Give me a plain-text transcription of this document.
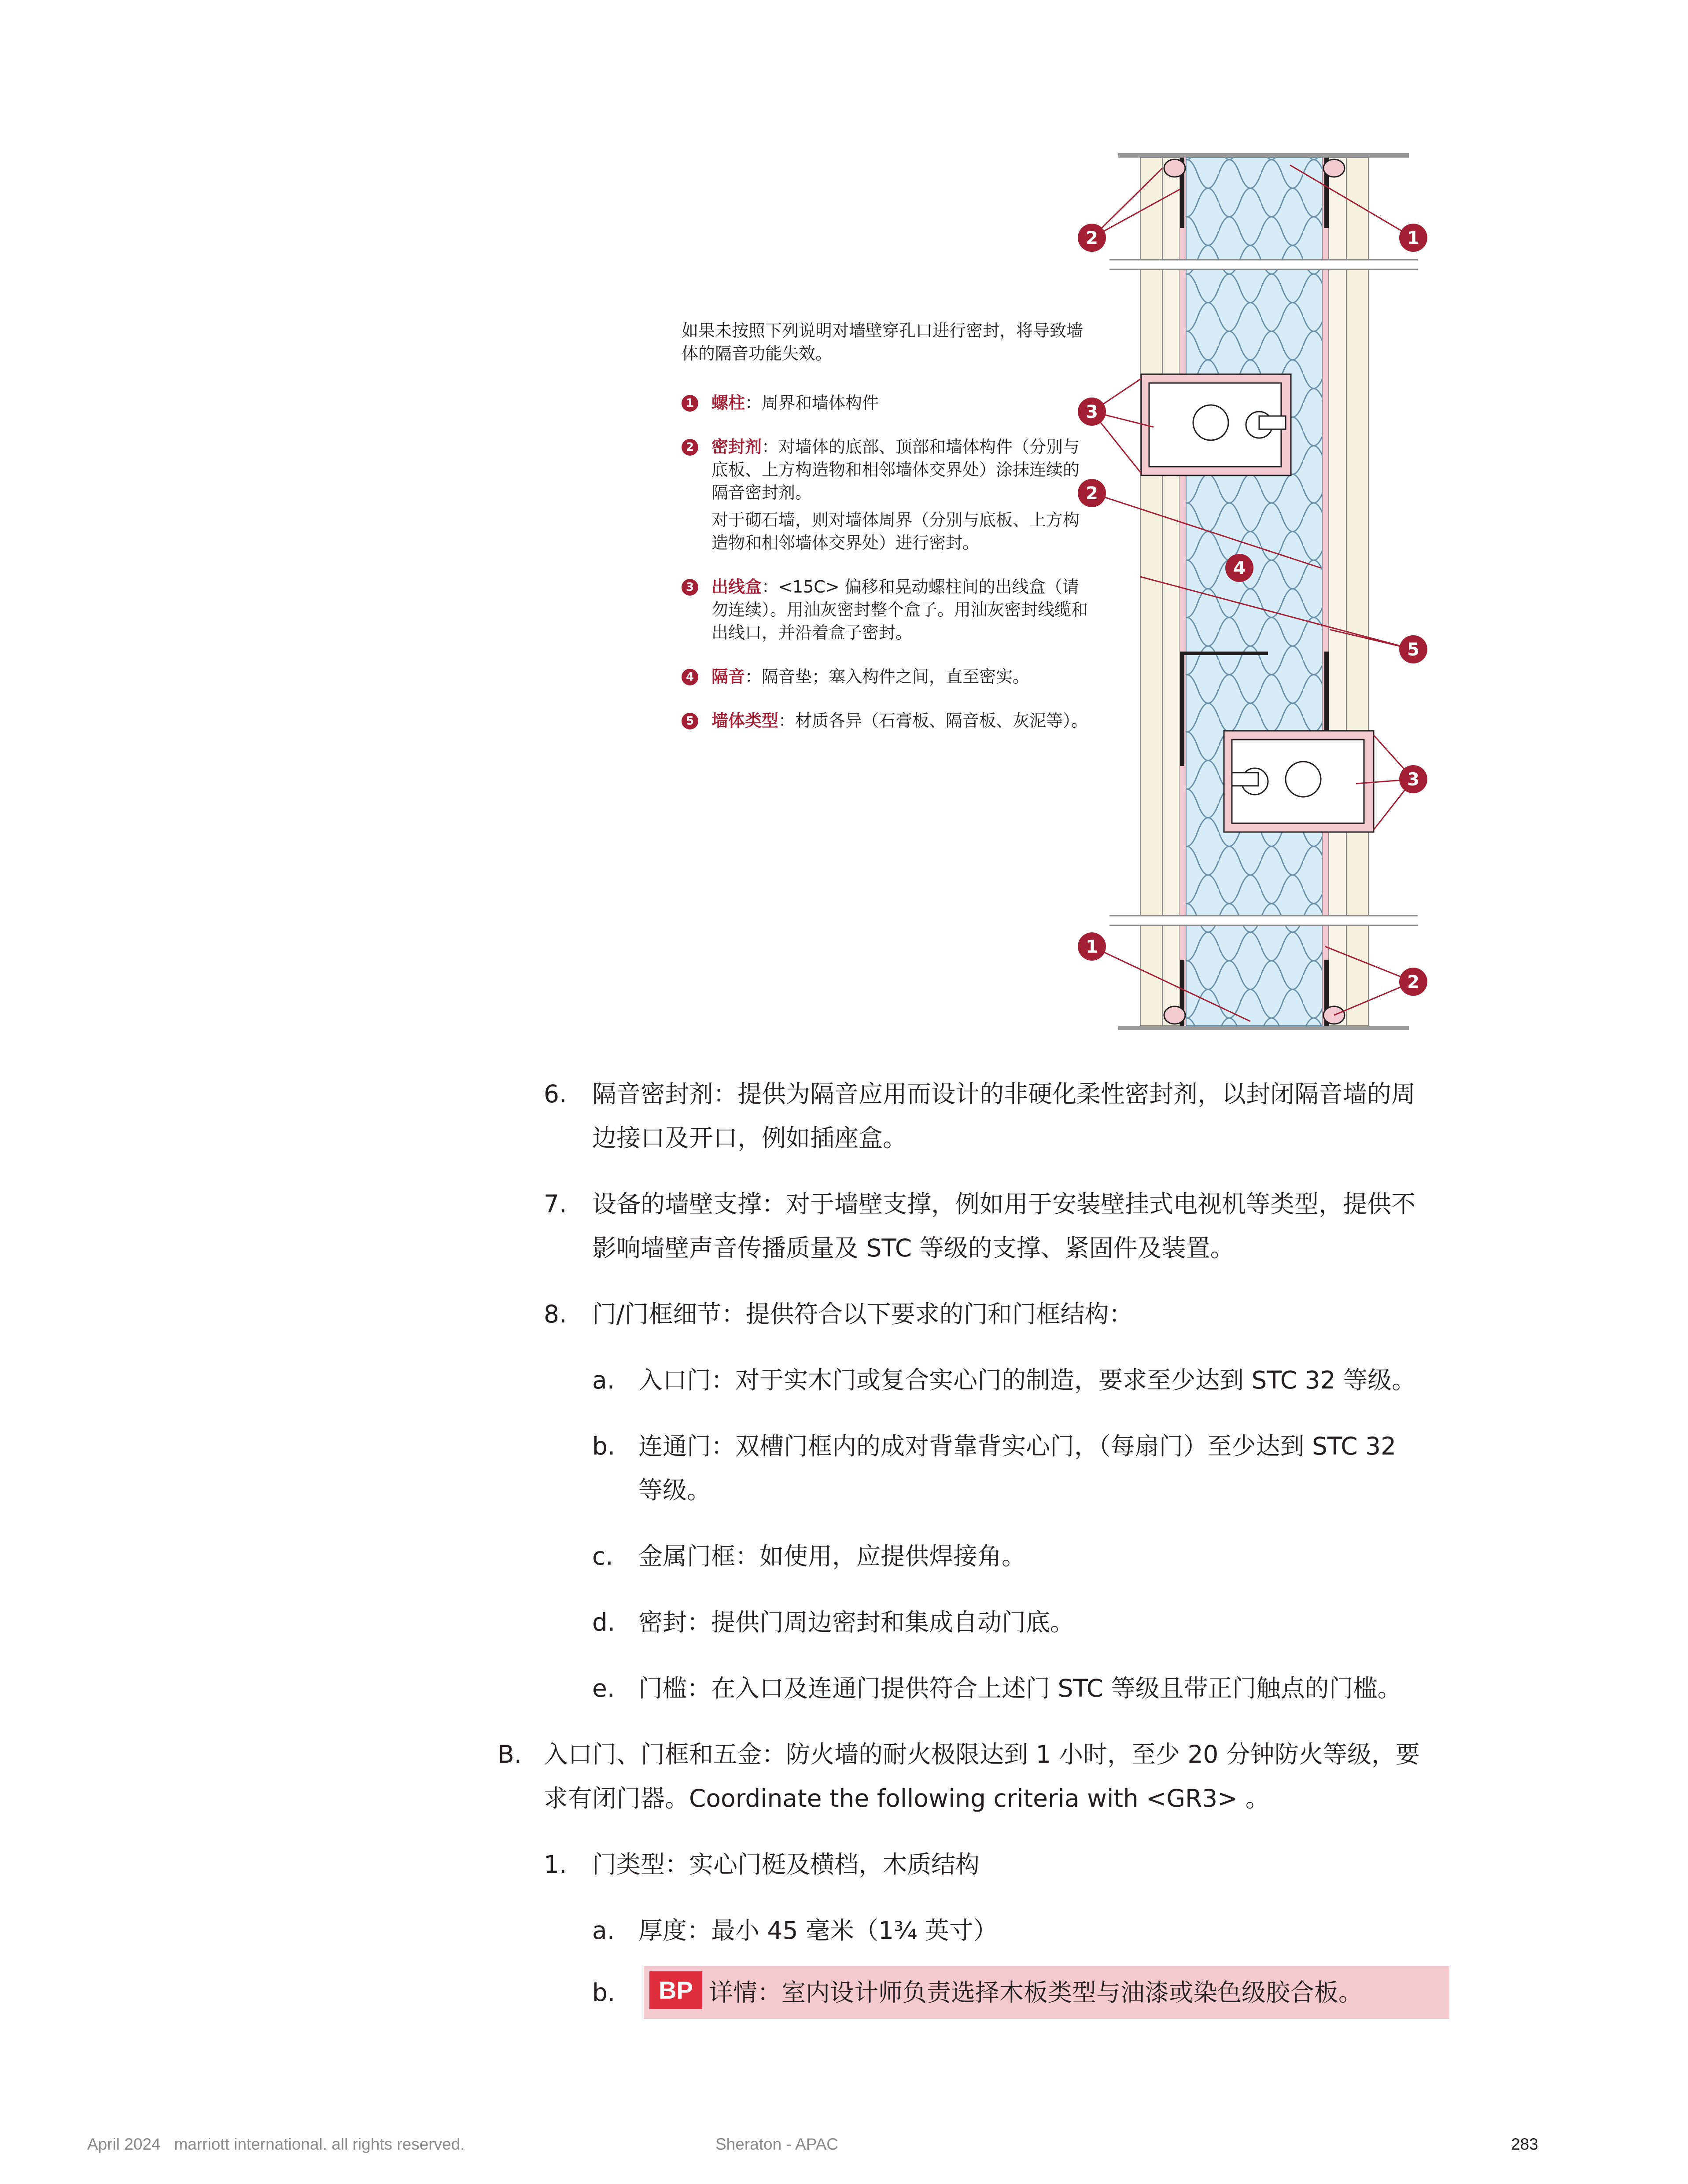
2	1
3
2
4
5
3
1
2

如果未按照下列说明对墙壁穿孔口进行密封，将导致墙体的隔音功能失效。

1 螺柱：周界和墙体构件
2 密封剂：对墙体的底部、顶部和墙体构件（分别与底板、上方构造物和相邻墙体交界处）涂抹连续的隔音密封剂。

对于砌石墙，则对墙体周界（分别与底板、上方构造物和相邻墙体交界处）进行密封。

3 出线盒：<15C> 偏移和晃动螺柱间的出线盒（请勿连续）。用油灰密封整个盒子。用油灰密封线缆和出线口，并沿着盒子密封。
4 隔音：隔音垫；塞入构件之间，直至密实。
5 墙体类型：材质各异（石膏板、隔音板、灰泥等）。
6. 隔音密封剂：提供为隔音应用而设计的非硬化柔性密封剂，以封闭隔音墙的周
边接口及开口，例如插座盒。
7. 设备的墙壁支撑：对于墙壁支撑，例如用于安装壁挂式电视机等类型，提供不
影响墙壁声音传播质量及 STC 等级的支撑、紧固件及装置。
8. 门/门框细节：提供符合以下要求的门和门框结构：
a. 入口门：对于实木门或复合实心门的制造，要求至少达到 STC 32 等级。
b. 连通门：双槽门框内的成对背靠背实心门，（每扇门）至少达到 STC 32
等级。
c. 金属门框：如使用，应提供焊接角。
d. 密封：提供门周边密封和集成自动门底。
e. 门槛：在入口及连通门提供符合上述门 STC 等级且带正门触点的门槛。
B. 入口门、门框和五金：防火墙的耐火极限达到 1 小时，至少 20 分钟防火等级，要
求有闭门器。Coordinate the following criteria with <GR3> 。
1. 门类型：实心门梃及横档，木质结构
a. 厚度：最小 45 毫米（1¾ 英寸）
BP
b.	详情：室内设计师负责选择木板类型与油漆或染色级胶合板。
April 2024   marriott international. all rights reserved.	Sheraton - APAC	283
